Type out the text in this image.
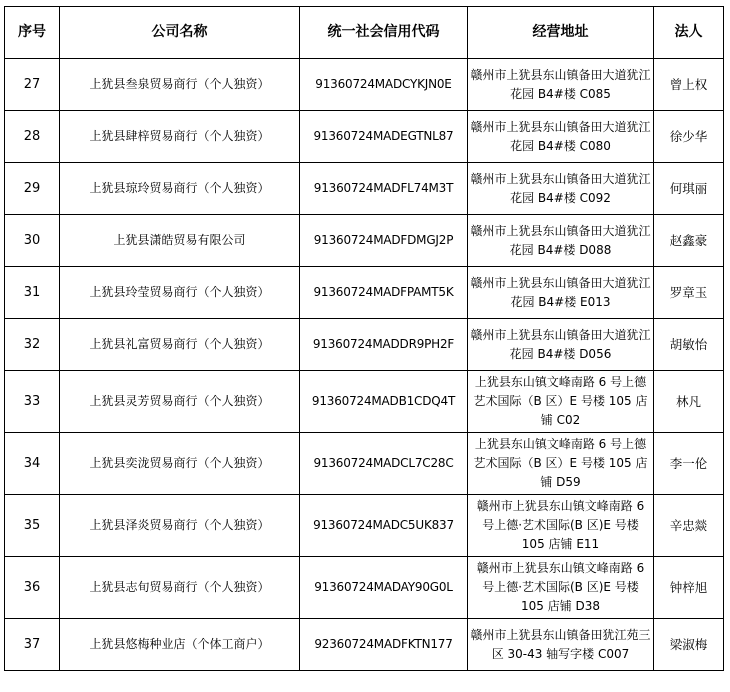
序号	公司名称	统一社会信用代码	经营地址	法人
27	上犹县叁泉贸易商行（个人独资）	91360724MADCYKJN0E	赣州市上犹县东山镇备田大道犹江花园 B4#楼 C085	曾上权
28	上犹县肆梓贸易商行（个人独资）	91360724MADEGTNL87	赣州市上犹县东山镇备田大道犹江花园 B4#楼 C080	徐少华
29	上犹县琼玲贸易商行（个人独资）	91360724MADFL74M3T	赣州市上犹县东山镇备田大道犹江花园 B4#楼 C092	何琪丽
30	上犹县潇皓贸易有限公司	91360724MADFDMGJ2P	赣州市上犹县东山镇备田大道犹江花园 B4#楼 D088	赵鑫豪
31	上犹县玲莹贸易商行（个人独资）	91360724MADFPAMT5K	赣州市上犹县东山镇备田大道犹江花园 B4#楼 E013	罗章玉
32	上犹县礼富贸易商行（个人独资）	91360724MADDR9PH2F	赣州市上犹县东山镇备田大道犹江花园 B4#楼 D056	胡敏怡
33	上犹县灵芳贸易商行（个人独资）	91360724MADB1CDQ4T	上犹县东山镇文峰南路 6 号上德艺术国际（B 区）E 号楼 105 店铺 C02	林凡
34	上犹县奕泷贸易商行（个人独资）	91360724MADCL7C28C	上犹县东山镇文峰南路 6 号上德艺术国际（B 区）E 号楼 105 店铺 D59	李一伦
35	上犹县泽炎贸易商行（个人独资）	91360724MADC5UK837	赣州市上犹县东山镇文峰南路 6 号上德·艺术国际(B 区)E 号楼 105 店铺 E11	辛忠燚
36	上犹县志旬贸易商行（个人独资）	91360724MADAY90G0L	赣州市上犹县东山镇文峰南路 6 号上德·艺术国际(B 区)E 号楼 105 店铺 D38	钟梓旭
37	上犹县悠梅种业店（个体工商户）	92360724MADFKTN177	赣州市上犹县东山镇备田犹江苑三区 30-43 轴写字楼 C007	梁淑梅
